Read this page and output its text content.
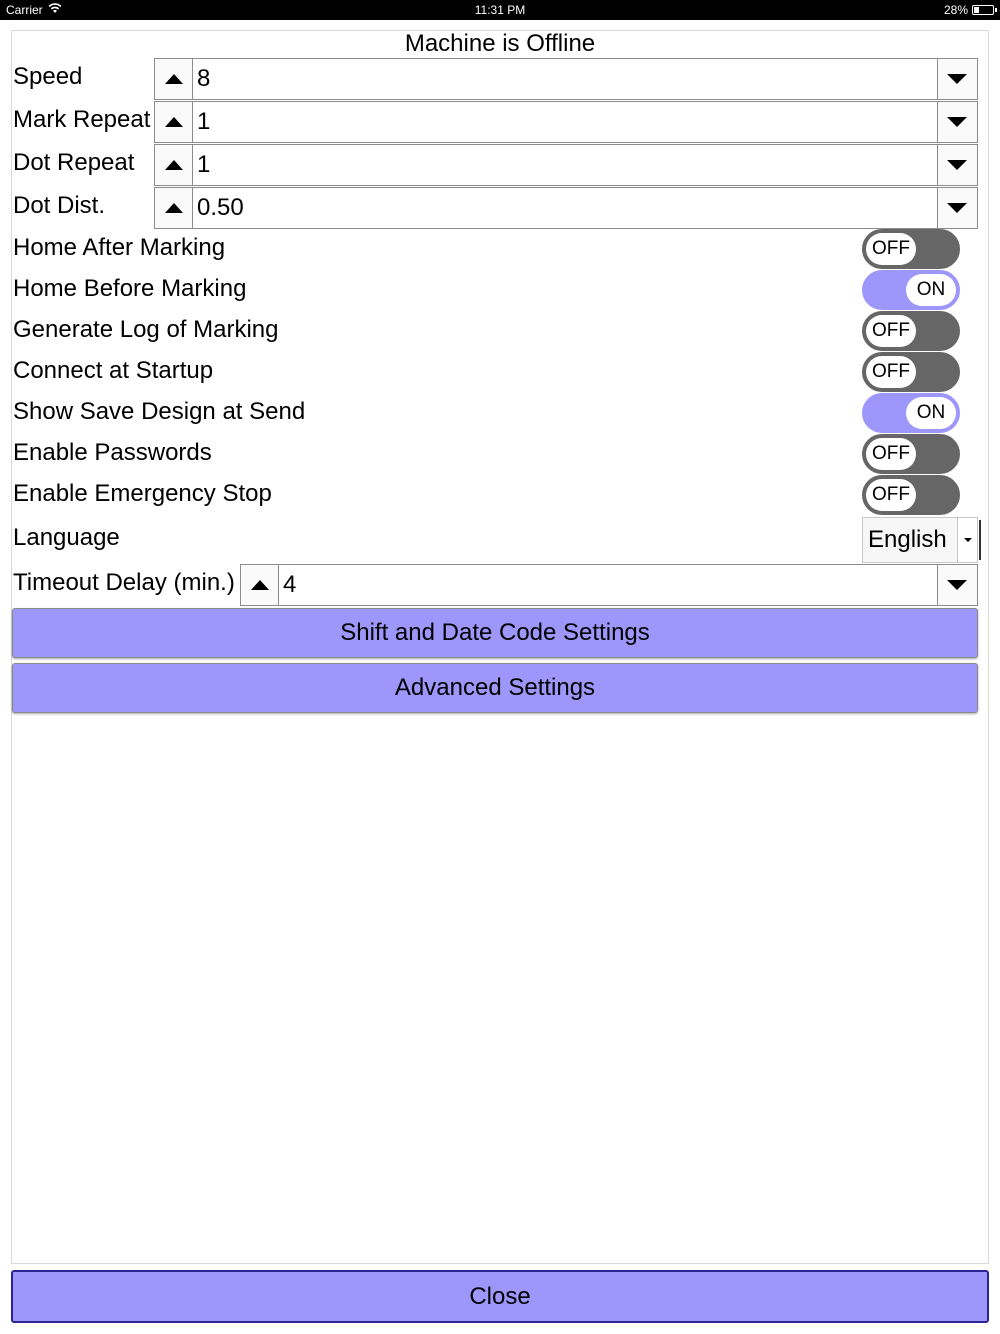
Carrier	11:31 PM	28%
Machine is Offline
Speed	8
Mark Repeat 1
Dot Repeat	1
Dot Dist.	0.50
Home After Marking	OFF
Home Before Marking	ON
Generate Log of Marking	OFF
Connect at Startup	OFF
Show Save Design at Send	ON
Enable Passwords	OFF
Enable Emergency Stop	OFF
Language	English
Timeout Delay (min.) 4
Shift and Date Code Settings
Advanced Settings
Close
